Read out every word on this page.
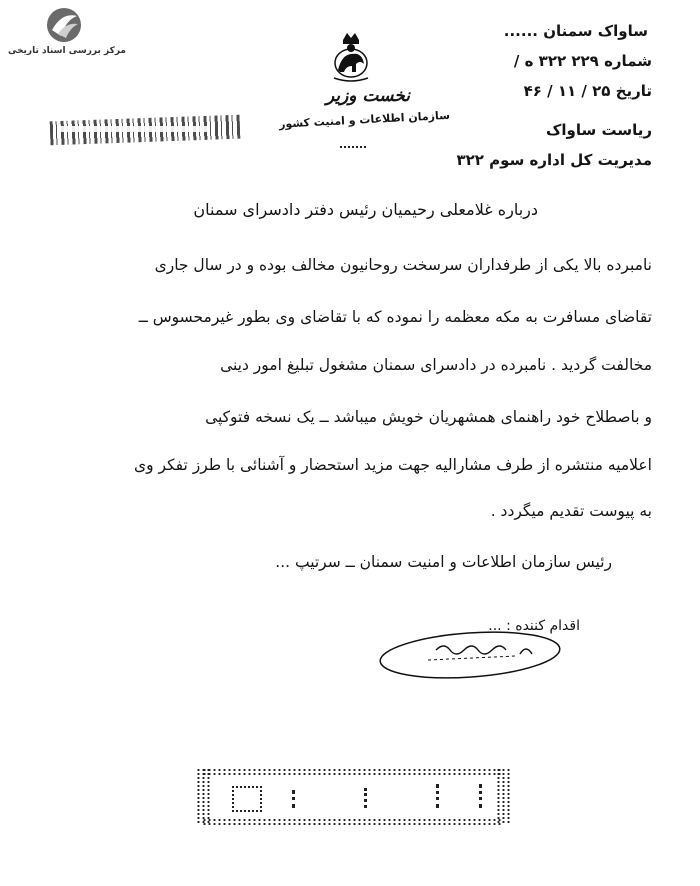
مرکز بررسی اسناد تاریخی
نخست وزیر
سازمان اطلاعات و امنیت کشور
ساواک سمنان ......
شماره ۲۲۹ ۳۲۲ ه /
تاریخ ۲۵ / ۱۱ / ۴۶
ریاست ساواک
مدیریت کل اداره سوم ۳۲۲
درباره غلامعلی رحیمیان رئیس دفتر دادسرای سمنان
نامبرده بالا یکی از طرفداران سرسخت روحانیون مخالف بوده و در سال جاری
تقاضای مسافرت به مکه معظمه را نموده که با تقاضای وی بطور غیرمحسوس ــ
مخالفت گردید . نامبرده در دادسرای سمنان مشغول تبلیغ امور دینی
و باصطلاح خود راهنمای همشهریان خویش میباشد ــ یک نسخه فتوکپی
اعلامیه منتشره از طرف مشارالیه جهت مزید استحضار و آشنائی با طرز تفکر وی
به پیوست تقدیم میگردد .
رئیس سازمان اطلاعات و امنیت سمنان ــ سرتیپ ...
اقدام کننده : ...
